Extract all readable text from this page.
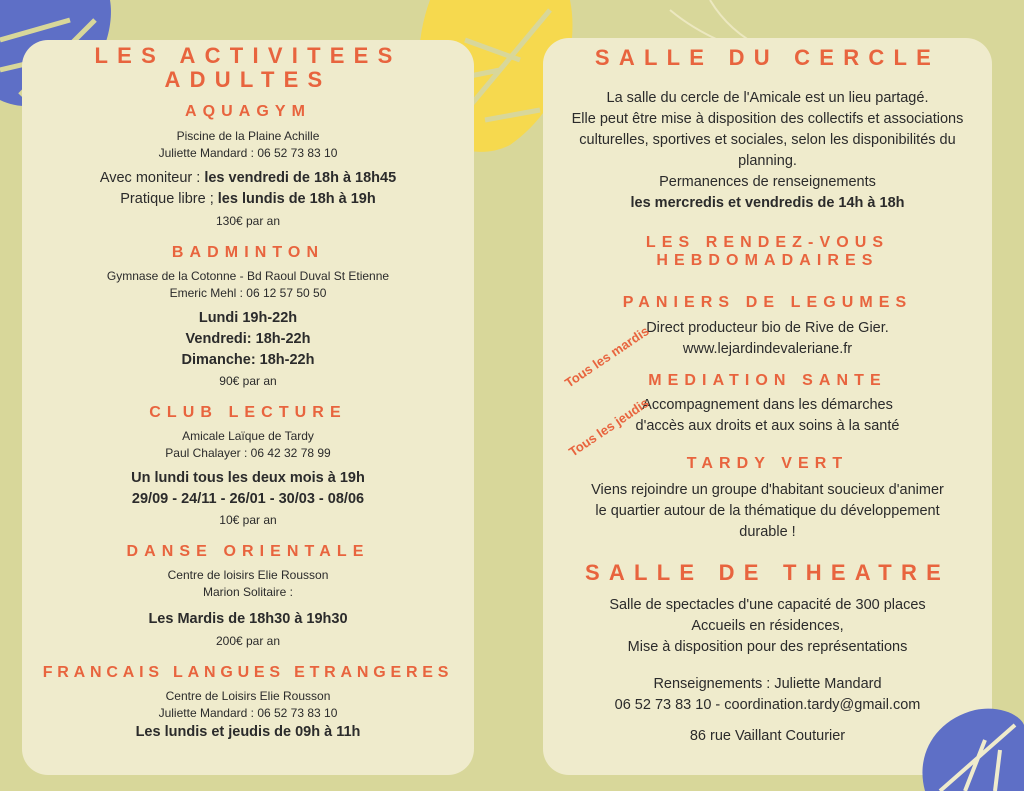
LES ACTIVITEES
ADULTES
AQUAGYM
Piscine de la Plaine Achille
Juliette Mandard : 06 52 73 83 10
Avec moniteur : les vendredi de 18h à 18h45
Pratique libre ; les lundis de 18h à 19h
130€ par an
BADMINTON
Gymnase de la Cotonne - Bd Raoul Duval St Etienne
Emeric Mehl : 06 12 57 50 50
Lundi 19h-22h
Vendredi: 18h-22h
Dimanche: 18h-22h
90€ par an
CLUB LECTURE
Amicale Laïque de Tardy
Paul Chalayer : 06 42 32 78 99
Un lundi tous les deux mois à 19h
29/09 - 24/11 - 26/01 - 30/03 - 08/06
10€ par an
DANSE ORIENTALE
Centre de loisirs Elie Rousson
Marion Solitaire :
Les Mardis de 18h30 à 19h30
200€ par an
FRANCAIS LANGUES ETRANGERES
Centre de Loisirs Elie Rousson
Juliette Mandard : 06 52 73 83 10
Les lundis et jeudis de 09h à 11h
SALLE DU CERCLE
La salle du cercle de l'Amicale est un lieu partagé.
Elle peut être mise à disposition des collectifs et associations
culturelles, sportives et sociales, selon les disponibilités du
planning.
Permanences de renseignements
les mercredis et vendredis de 14h à 18h
LES RENDEZ-VOUS
HEBDOMADAIRES
PANIERS DE LEGUMES
Direct producteur bio de Rive de Gier.
www.lejardindevaleriane.fr
MEDIATION SANTE
Accompagnement dans les démarches
d'accès aux droits et aux soins à la santé
TARDY VERT
Viens rejoindre un groupe d'habitant soucieux d'animer
le quartier autour de la thématique du développement
durable !
SALLE DE THEATRE
Salle de spectacles d'une capacité de 300 places
Accueils en résidences,
Mise à disposition pour des représentations
Renseignements : Juliette Mandard
06 52 73 83 10 - coordination.tardy@gmail.com
86 rue Vaillant Couturier
Tous les mardis
Tous les jeudis
